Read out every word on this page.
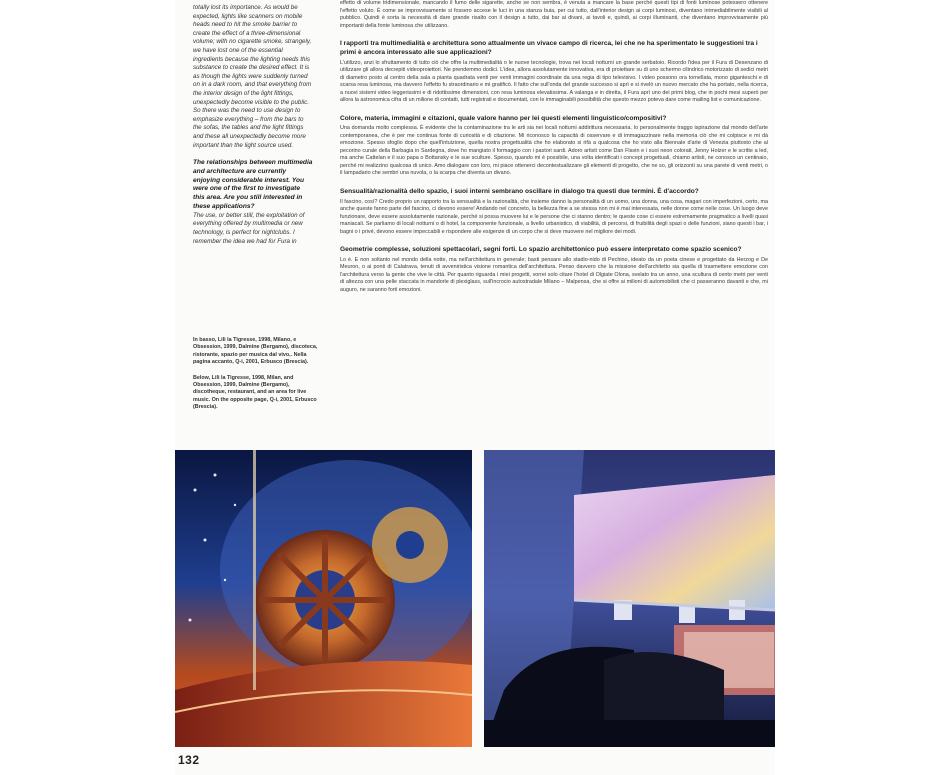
totally lost its importance. As would be expected, lights like scanners on mobile heads need to hit the smoke barrier to create the effect of a three-dimensional volume; with no cigarette smoke, strangely, we have lost one of the essential ingredients because the lighting needs this substance to create the desired effect. It is as though the lights were suddenly turned on in a dark room, and that everything from the interior design of the light fittings, unexpectedly become visible to the public. So there was the need to use design to emphasize everything – from the bars to the sofas, the tables and the light fittings and these all unexpectedly become more important than the light source used.

The relationships between multimedia and architecture are currently enjoying considerable interest. You were one of the first to investigate this area. Are you still interested in these applications?

The use, or better still, the exploitation of everything offered by multimedia or new technology, is perfect for nightclubs. I remember the idea we had for Fura in

In basso, Lili la Tigresse, 1998, Milano, e Obsession, 1999, Dalmine (Bergamo), discoteca, ristorante, spazio per musica dal vivo,. Nella pagina accanto, Q-i, 2001, Erbusco (Brescia).

Below, Lili la Tigresse, 1998, Milan, and Obsession, 1999, Dalmine (Bergamo), discotheque, restaurant, and an area for live music. On the opposite page, Q-i, 2001, Erbusco (Brescia).

effetto di volume tridimensionale, mancando il fumo delle sigarette, anche se non sembra, è venuta a mancare la base perché questi tipi di fonti luminose potessero ottenere l'effetto voluto. È come se improvvisamente si fossero accese le luci in una stanza buia, per cui tutto, dall'interior design ai corpi luminosi, diventano irrimediabilmente visibili al pubblico. Quindi è sorta la necessità di dare grande risalto con il design a tutto, dai bar ai divani, ai tavoli e, quindi, ai corpi illuminanti, che diventano improvvisamente più importanti della fonte luminosa che utilizzano.

I rapporti tra multimedialità e architettura sono attualmente un vivace campo di ricerca, lei che ne ha sperimentato le suggestioni tra i primi è ancora interessato alle sue applicazioni?

L'utilizzo, anzi lo sfruttamento di tutto ciò che offre la multimedialità o le nuove tecnologie, trova nei locali notturni un grande serbatoio. Ricordo l'idea per il Fura di Desenzano di utilizzare gli allora decrepiti videoproiettori. Ne prendemmo dodici. L'idea, allora assolutamente innovativa, era di proiettare su di uno schermo cilindrico motorizzato di sedici metri di diametro posto al centro della sala a pianta quadrata venti per venti immagini coordinate da una regia di tipo televisivo. I video possono ora tornellata, mono giganteschi e di scarsa resa luminosa, ma davvero l'effetto fu straordinario e mi gratificò. Il fatto che sull'onda del grande successo si aprì e si rivelò un nuovo mercato che ha portato, nella ricerca, a nuovi sistemi video leggerissimi e di ridottissime dimensioni, con resa luminosa elevatissima. A valanga e in diretta, il Fura aprì uno dei primi blog, che in pochi mesi superò per allora la astronomica cifra di un milione di contatti, tutti registrati e documentati, con le immaginabili possibilità che questo mezzo poteva dare come mailing list e comunicazione.

Colore, materia, immagini e citazioni, quale valore hanno per lei questi elementi linguistico/compositivi?

Una domanda molto complessa. È evidente che la contaminazione tra le arti sia nei locali notturni addirittura necessaria. Io personalmente traggo ispirazione dal mondo dell'arte contemporanea, che è per me continua fonte di curiosità e di citazione. Mi riconosco la capacità di osservare e di immagazzinare nella memoria ciò che mi colpisce e mi dà emozione. Spesso sfoglio dopo che quell'intuizione, quella nostra progettualità che ho elaborato si rifà a qualcosa che ho visto alla Biennale d'arte di Venezia piuttosto che al pecorino curale della Barbagia in Sardegna, dove ho mangiato il formaggio con i pastori sardi. Adoro artisti come Dan Flavin e i suoi neon colorati, Jenny Holzer e le scritte a led, ma anche Cattelan e il suo papa o Bottansky e le sue sculture. Spesso, quando mi è possibile, una volta identificati i concept progettuali, chiamo artisti, ne conosco un centinaio, perché mi realizzino qualcosa di unico. Amo dialogare con loro, mi piace ottenerci decontestualizzare gli elementi di progetto, che ne so, gli orizzonti su una parete di venti metri, o il lampadario che sembri una nuvola, o la scarpa che diventa un divano.

Sensualità/razionalità dello spazio, i suoi interni sembrano oscillare in dialogo tra questi due termini. È d'accordo?

Il fascino, così? Credo proprio un rapporto tra la sensualità e la razionalità, che insieme danno la personalità di un uomo, una donna, una cosa, magari con imperfezioni, certo, ma anche queste fanno parte del fascino, ci devono essere! Andando nel concreto, la bellezza fine a se stessa non mi è mai interessata, nelle donne come nelle cose. Un luogo deve funzionare, deve essere assolutamente razionale, perché si possa muovere lui e le persone che ci stanno dentro; le queste cose ci essere estremamente pragmatico a livelli quasi maniacali. Se parliamo di locali notturni o di hotel, la componente funzionale, a livello urbanistico, di viabilità, di percorsi, di fruibilità degli spazi o delle funzioni, siano questi i bar, i bagni o i privé, devono essere impeccabili e rispondere alle esigenze di un corpo che si deve muovere nel migliore dei modi.

Geometrie complesse, soluzioni spettacolari, segni forti. Lo spazio architettonico può essere interpretato come spazio scenico?

Lo è. E non soltanto nel mondo della notte, ma nell'architettura in generale; basti pensare allo stadio-nido di Pechino, ideato da un poeta cinese e progettato da Herzog e De Meuron, o ai ponti di Calatrava, tenuti di avveniristica visione romantica dell'architettura. Penso davvero che la missione dell'architetto sia quella di trasmettere emozione con l'architettura verso la gente che vive le città. Per quanto riguarda i miei progetti, vorrei solo citare l'hotel di Olgiate Olona, svelato tra un anno, una scultura di cento metri per venti di altezza con una pelle staccata in mandorle di plexiglass, sull'incrocio autostradale Milano – Malpensa, che si offre ai milioni di automobilisti che ci passeranno davanti e che, mi auguro, ne saranno forti emozioni.

132
